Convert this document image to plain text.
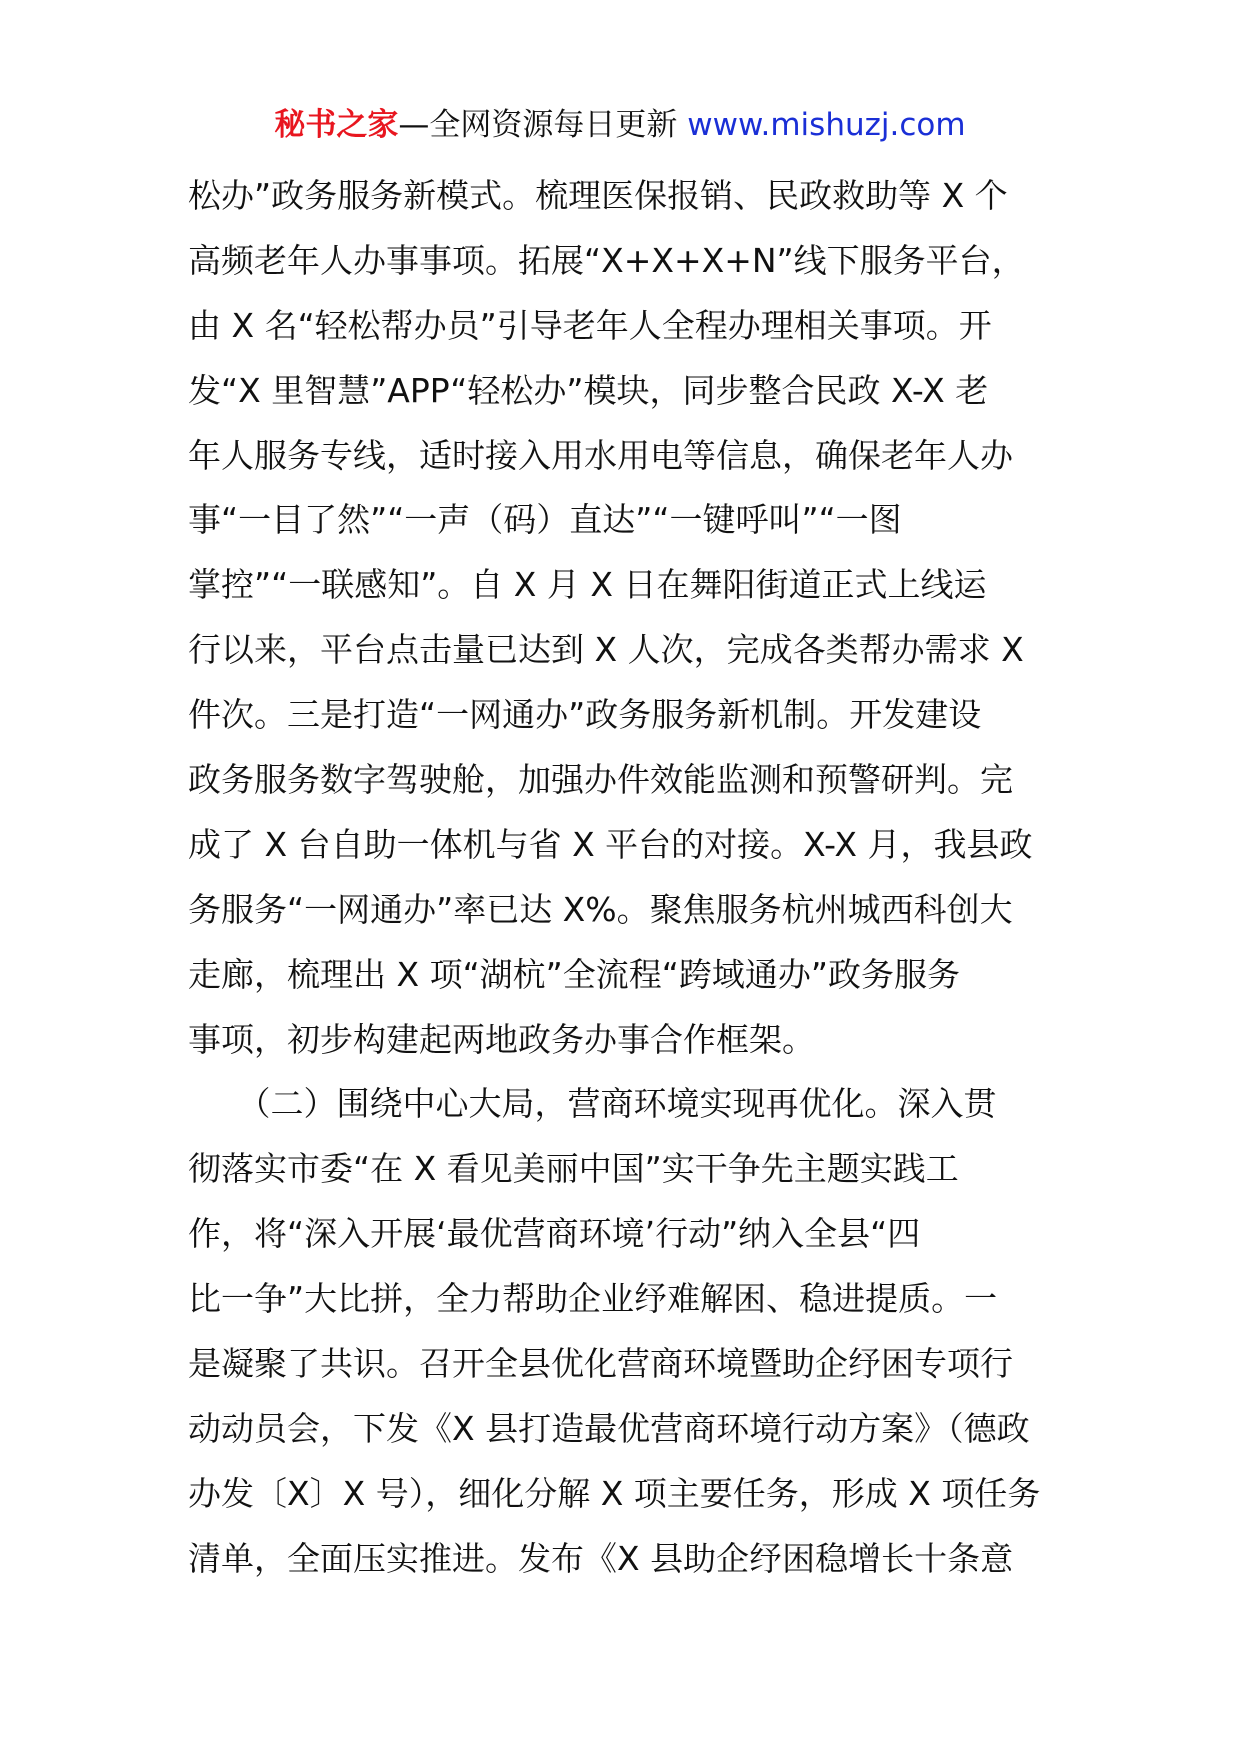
秘书之家—全网资源每日更新 www.mishuzj.com
松办”政务服务新模式。梳理医保报销、民政救助等 X 个
高频老年人办事事项。拓展“X+X+X+N”线下服务平台，
由 X 名“轻松帮办员”引导老年人全程办理相关事项。开
发“X 里智慧”APP“轻松办”模块，同步整合民政 X-X 老
年人服务专线，适时接入用水用电等信息，确保老年人办
事“一目了然”“一声（码）直达”“一键呼叫”“一图
掌控”“一联感知”。自 X 月 X 日在舞阳街道正式上线运
行以来，平台点击量已达到 X 人次，完成各类帮办需求 X
件次。三是打造“一网通办”政务服务新机制。开发建设
政务服务数字驾驶舱，加强办件效能监测和预警研判。完
成了 X 台自助一体机与省 X 平台的对接。X-X 月，我县政
务服务“一网通办”率已达 X%。聚焦服务杭州城西科创大
走廊，梳理出 X 项“湖杭”全流程“跨域通办”政务服务
事项，初步构建起两地政务办事合作框架。
　　（二）围绕中心大局，营商环境实现再优化。深入贯
彻落实市委“在 X 看见美丽中国”实干争先主题实践工
作，将“深入开展‘最优营商环境’行动”纳入全县“四
比一争”大比拼，全力帮助企业纾难解困、稳进提质。一
是凝聚了共识。召开全县优化营商环境暨助企纾困专项行
动动员会，下发《X 县打造最优营商环境行动方案》（德政
办发〔X〕X 号），细化分解 X 项主要任务，形成 X 项任务
清单，全面压实推进。发布《X 县助企纾困稳增长十条意
